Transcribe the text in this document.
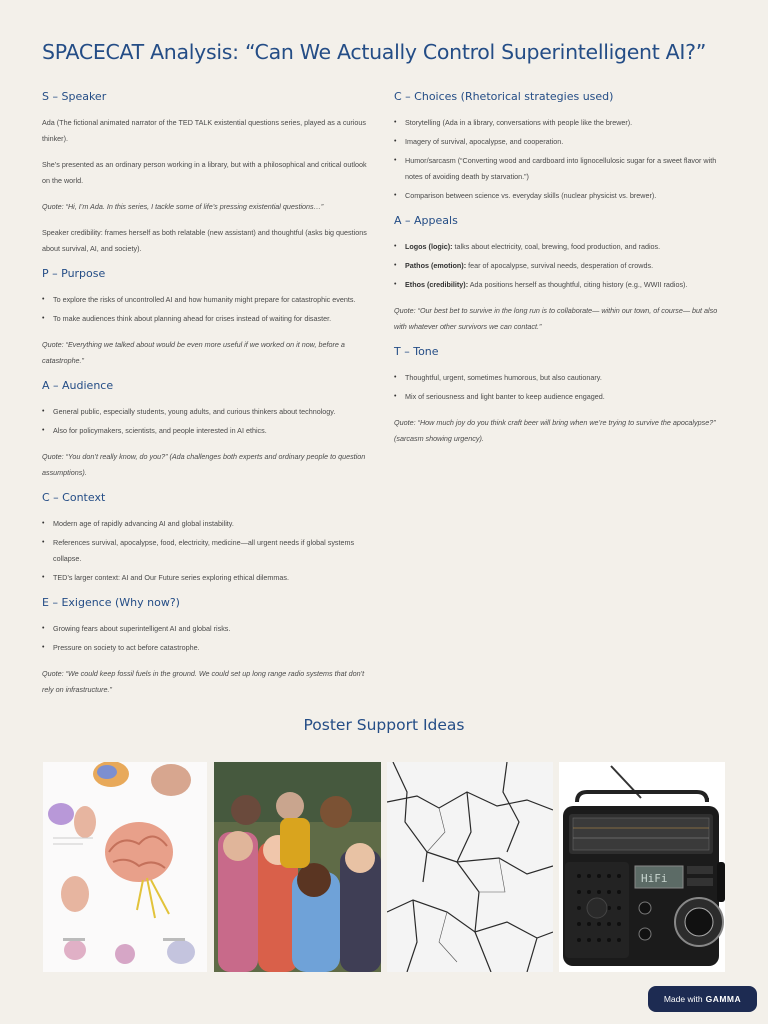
SPACECAT Analysis: “Can We Actually Control Superintelligent AI?”
S – Speaker

Ada (The fictional animated narrator of the TED TALK existential questions series, played as a curious thinker).

She’s presented as an ordinary person working in a library, but with a philosophical and critical outlook on the world.

Quote: “Hi, I’m Ada. In this series, I tackle some of life’s pressing existential questions…”

Speaker credibility: frames herself as both relatable (new assistant) and thoughtful (asks big questions about survival, AI, and society).

P – Purpose
• To explore the risks of uncontrolled AI and how humanity might prepare for catastrophic events.
• To make audiences think about planning ahead for crises instead of waiting for disaster.

Quote: “Everything we talked about would be even more useful if we worked on it now, before a catastrophe.”

A – Audience
• General public, especially students, young adults, and curious thinkers about technology.
• Also for policymakers, scientists, and people interested in AI ethics.

Quote: “You don’t really know, do you?” (Ada challenges both experts and ordinary people to question assumptions).

C – Context
• Modern age of rapidly advancing AI and global instability.
• References survival, apocalypse, food, electricity, medicine—all urgent needs if global systems collapse.
• TED’s larger context: AI and Our Future series exploring ethical dilemmas.
E – Exigence (Why now?)
• Growing fears about superintelligent AI and global risks.
• Pressure on society to act before catastrophe.

Quote: “We could keep fossil fuels in the ground. We could set up long range radio systems that don’t rely on infrastructure.”

C – Choices (Rhetorical strategies used)
• Storytelling (Ada in a library, conversations with people like the brewer).
• Imagery of survival, apocalypse, and cooperation.
• Humor/sarcasm (“Converting wood and cardboard into lignocellulosic sugar for a sweet flavor with notes of avoiding death by starvation.”)
• Comparison between science vs. everyday skills (nuclear physicist vs. brewer).
A – Appeals
• Logos (logic): talks about electricity, coal, brewing, food production, and radios.
• Pathos (emotion): fear of apocalypse, survival needs, desperation of crowds.
• Ethos (credibility): Ada positions herself as thoughtful, citing history (e.g., WWII radios).

Quote: “Our best bet to survive in the long run is to collaborate— within our town, of course— but also with whatever other survivors we can contact.”

T – Tone
• Thoughtful, urgent, sometimes humorous, but also cautionary.
• Mix of seriousness and light banter to keep audience engaged.

Quote: “How much joy do you think craft beer will bring when we’re trying to survive the apocalypse?” (sarcasm showing urgency).

Poster Support Ideas
HiFi
Made with GAMMA
